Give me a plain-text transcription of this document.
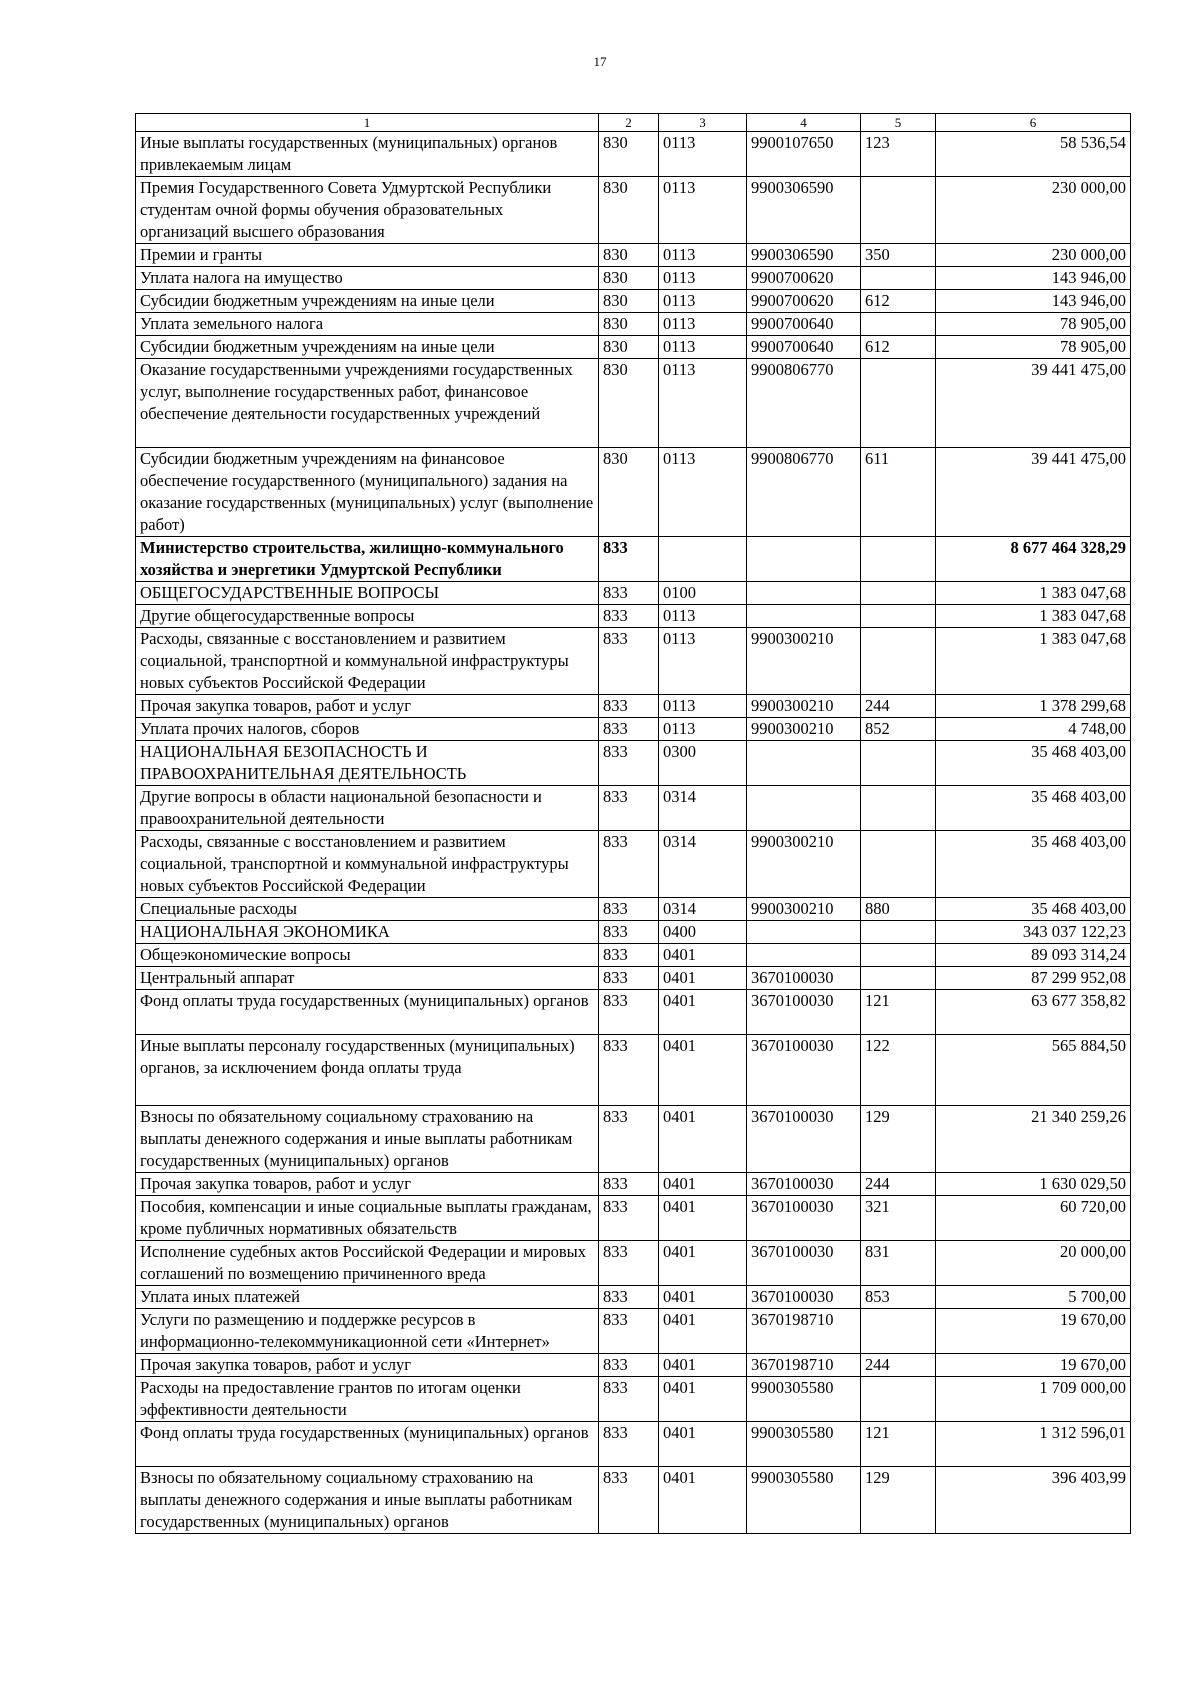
17
1	2	3	4	5	6
Иные выплаты государственных (муниципальных) органов привлекаемым лицам	830	0113	9900107650	123	58 536,54
Премия Государственного Совета Удмуртской Республики студентам очной формы обучения образовательных организаций высшего образования	830	0113	9900306590		230 000,00
Премии и гранты	830	0113	9900306590	350	230 000,00
Уплата налога на имущество	830	0113	9900700620		143 946,00
Субсидии бюджетным учреждениям на иные цели	830	0113	9900700620	612	143 946,00
Уплата земельного налога	830	0113	9900700640		78 905,00
Субсидии бюджетным учреждениям на иные цели	830	0113	9900700640	612	78 905,00
Оказание государственными учреждениями государственных услуг, выполнение государственных работ, финансовое обеспечение деятельности государственных учреждений	830	0113	9900806770		39 441 475,00
Субсидии бюджетным учреждениям на финансовое обеспечение государственного (муниципального) задания на оказание государственных (муниципальных) услуг (выполнение работ)	830	0113	9900806770	611	39 441 475,00
Министерство строительства, жилищно-коммунального хозяйства и энергетики Удмуртской Республики	833				8 677 464 328,29
ОБЩЕГОСУДАРСТВЕННЫЕ ВОПРОСЫ	833	0100			1 383 047,68
Другие общегосударственные вопросы	833	0113			1 383 047,68
Расходы, связанные с восстановлением и развитием социальной, транспортной и коммунальной инфраструктуры новых субъектов Российской Федерации	833	0113	9900300210		1 383 047,68
Прочая закупка товаров, работ и услуг	833	0113	9900300210	244	1 378 299,68
Уплата прочих налогов, сборов	833	0113	9900300210	852	4 748,00
НАЦИОНАЛЬНАЯ БЕЗОПАСНОСТЬ И ПРАВООХРАНИТЕЛЬНАЯ ДЕЯТЕЛЬНОСТЬ	833	0300			35 468 403,00
Другие вопросы в области национальной безопасности и правоохранительной деятельности	833	0314			35 468 403,00
Расходы, связанные с восстановлением и развитием социальной, транспортной и коммунальной инфраструктуры новых субъектов Российской Федерации	833	0314	9900300210		35 468 403,00
Специальные расходы	833	0314	9900300210	880	35 468 403,00
НАЦИОНАЛЬНАЯ ЭКОНОМИКА	833	0400			343 037 122,23
Общеэкономические вопросы	833	0401			89 093 314,24
Центральный аппарат	833	0401	3670100030		87 299 952,08
Фонд оплаты труда государственных (муниципальных) органов	833	0401	3670100030	121	63 677 358,82
Иные выплаты персоналу государственных (муниципальных) органов, за исключением фонда оплаты труда	833	0401	3670100030	122	565 884,50
Взносы по обязательному социальному страхованию на выплаты денежного содержания и иные выплаты работникам государственных (муниципальных) органов	833	0401	3670100030	129	21 340 259,26
Прочая закупка товаров, работ и услуг	833	0401	3670100030	244	1 630 029,50
Пособия, компенсации и иные социальные выплаты гражданам, кроме публичных нормативных обязательств	833	0401	3670100030	321	60 720,00
Исполнение судебных актов Российской Федерации и мировых соглашений по возмещению причиненного вреда	833	0401	3670100030	831	20 000,00
Уплата иных платежей	833	0401	3670100030	853	5 700,00
Услуги по размещению и поддержке ресурсов в информационно-телекоммуникационной сети «Интернет»	833	0401	3670198710		19 670,00
Прочая закупка товаров, работ и услуг	833	0401	3670198710	244	19 670,00
Расходы на предоставление грантов по итогам оценки эффективности деятельности	833	0401	9900305580		1 709 000,00
Фонд оплаты труда государственных (муниципальных) органов	833	0401	9900305580	121	1 312 596,01
Взносы по обязательному социальному страхованию на выплаты денежного содержания и иные выплаты работникам государственных (муниципальных) органов	833	0401	9900305580	129	396 403,99
